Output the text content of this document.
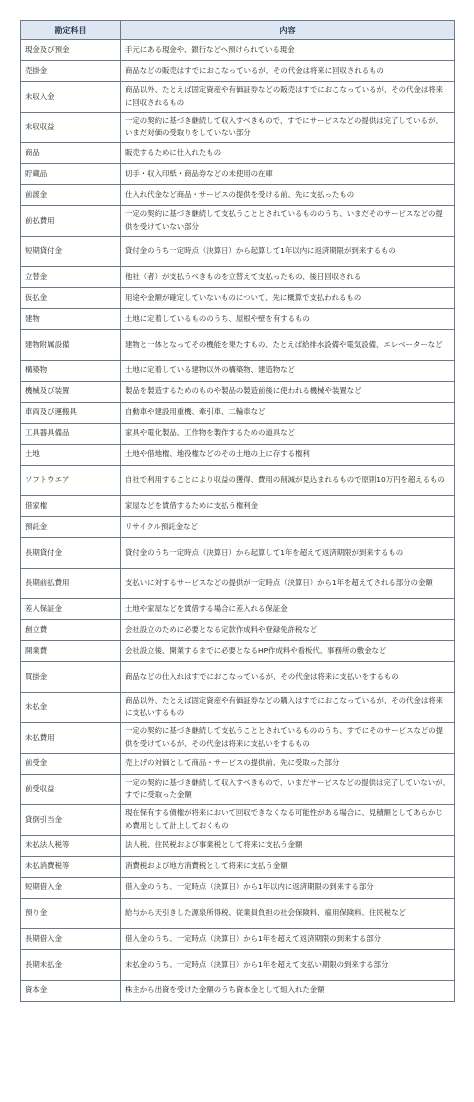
勘定科目	内容
現金及び預金	手元にある現金や、銀行などへ預けられている現金
売掛金	商品などの販売はすでにおこなっているが、その代金は将来に回収されるもの
未収入金	商品以外、たとえば固定資産や有価証券などの販売はすでにおこなっているが、その代金は将来に回収されるもの
未収収益	一定の契約に基づき継続して収入すべきもので、すでにサービスなどの提供は完了しているが、いまだ対価の受取りをしていない部分
商品	販売するために仕入れたもの
貯蔵品	切手・収入印紙・商品券などの未使用の在庫
前渡金	仕入れ代金など商品・サービスの提供を受ける前、先に支払ったもの
前払費用	一定の契約に基づき継続して支払うこととされているもののうち、いまだそのサービスなどの提供を受けていない部分
短期貸付金	貸付金のうち一定時点（決算日）から起算して1年以内に返済期限が到来するもの
立替金	他社（者）が支払うべきものを立替えて支払ったもの、後日回収される
仮払金	用途や金額が確定していないものについて、先に概算で支払われるもの
建物	土地に定着しているもののうち、屋根や壁を有するもの
建物附属設備	建物と一体となってその機能を果たすもの、たとえば給排水設備や電気設備、エレベーターなど
構築物	土地に定着している建物以外の構築物、建造物など
機械及び装置	製品を製造するためのものや製品の製造前後に使われる機械や装置など
車両及び運搬具	自動車や建設用重機、牽引車、二輪車など
工具器具備品	家具や電化製品、工作物を製作するための道具など
土地	土地や借地権、地役権などのその土地の上に存する権利
ソフトウエア	自社で利用することにより収益の獲得、費用の削減が見込まれるもので原則10万円を超えるもの
借家権	家屋などを賃借するために支払う権利金
預託金	リサイクル預託金など
長期貸付金	貸付金のうち一定時点（決算日）から起算して1年を超えて返済期限が到来するもの
長期前払費用	支払いに対するサービスなどの提供が一定時点（決算日）から1年を超えてされる部分の金額
差入保証金	土地や家屋などを賃借する場合に差入れる保証金
創立費	会社設立のために必要となる定款作成料や登録免許税など
開業費	会社設立後、開業するまでに必要となるHP作成料や看板代、事務所の敷金など
買掛金	商品などの仕入れはすでにおこなっているが、その代金は将来に支払いをするもの
未払金	商品以外、たとえば固定資産や有価証券などの購入はすでにおこなっているが、その代金は将来に支払いするもの
未払費用	一定の契約に基づき継続して支払うこととされているもののうち、すでにそのサービスなどの提供を受けているが、その代金は将来に支払いをするもの
前受金	売上げの対価として商品・サービスの提供前、先に受取った部分
前受収益	一定の契約に基づき継続して収入すべきもので、いまだサービスなどの提供は完了していないが、すでに受取った金額
貸倒引当金	現在保有する債権が将来において回収できなくなる可能性がある場合に、見積額としてあらかじめ費用として計上しておくもの
未払法人税等	法人税、住民税および事業税として将来に支払う金額
未払消費税等	消費税および地方消費税として将来に支払う金額
短期借入金	借入金のうち、一定時点（決算日）から1年以内に返済期限の到来する部分
預り金	給与から天引きした源泉所得税、従業員負担の社会保険料、雇用保険料、住民税など
長期借入金	借入金のうち、一定時点（決算日）から1年を超えて返済期限の到来する部分
長期未払金	未払金のうち、一定時点（決算日）から1年を超えて支払い期限の到来する部分
資本金	株主から出資を受けた金額のうち資本金として組入れた金額
